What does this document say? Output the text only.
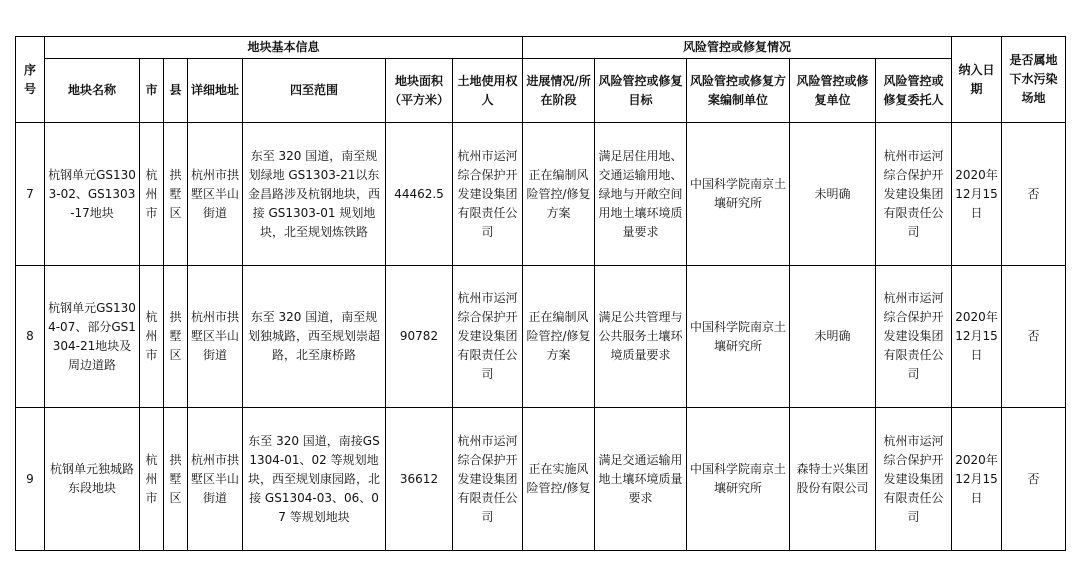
序号	地块基本信息							风险管控或修复情况					纳入日期	是否属地下水污染场地
	地块名称	市	县	详细地址	四至范围	地块面积（平方米）	土地使用权人	进展情况/所在阶段	风险管控或修复目标	风险管控或修复方案编制单位	风险管控或修复单位	风险管控或修复委托人		
7	杭钢单元GS1303-02、GS1303-17地块	杭州市	拱墅区	杭州市拱墅区半山街道	东至 320 国道，南至规划绿地 GS1303-21以东金昌路涉及杭钢地块，西接 GS1303-01 规划地块，北至规划炼铁路	44462.5	杭州市运河综合保护开发建设集团有限责任公司	正在编制风险管控/修复方案	满足居住用地、交通运输用地、绿地与开敞空间用地土壤环境质量要求	中国科学院南京土壤研究所	未明确	杭州市运河综合保护开发建设集团有限责任公司	2020年12月15日	否
8	杭钢单元GS1304-07、部分GS1304-21地块及周边道路	杭州市	拱墅区	杭州市拱墅区半山街道	东至 320 国道，南至规划独城路，西至规划崇超路，北至康桥路	90782	杭州市运河综合保护开发建设集团有限责任公司	正在编制风险管控/修复方案	满足公共管理与公共服务土壤环境质量要求	中国科学院南京土壤研究所	未明确	杭州市运河综合保护开发建设集团有限责任公司	2020年12月15日	否
9	杭钢单元独城路东段地块	杭州市	拱墅区	杭州市拱墅区半山街道	东至 320 国道，南接GS1304-01、02 等规划地块，西至规划康园路，北接 GS1304-03、06、07 等规划地块	36612	杭州市运河综合保护开发建设集团有限责任公司	正在实施风险管控/修复	满足交通运输用地土壤环境质量要求	中国科学院南京土壤研究所	森特士兴集团股份有限公司	杭州市运河综合保护开发建设集团有限责任公司	2020年12月15日	否
